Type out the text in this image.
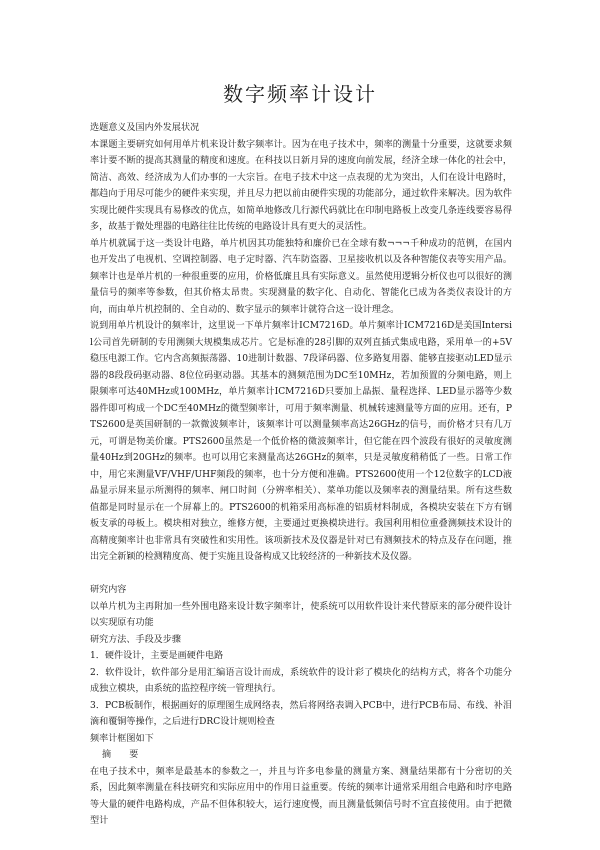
数字频率计设计

选题意义及国内外发展状况

本课题主要研究如何用单片机来设计数字频率计。因为在电子技术中，频率的测量十分重要，这就要求频率计要不断的提高其测量的精度和速度。在科技以日新月异的速度向前发展，经济全球一体化的社会中，简洁、高效、经济成为人们办事的一大宗旨。在电子技术中这一点表现的尤为突出，人们在设计电路时，都趋向于用尽可能少的硬件来实现，并且尽力把以前由硬件实现的功能部分，通过软件来解决。因为软件实现比硬件实现具有易修改的优点，如简单地修改几行源代码就比在印制电路板上改变几条连线要容易得多，故基于微处理器的电路往往比传统的电路设计具有更大的灵活性。

单片机就属于这一类设计电路，单片机因其功能独特和廉价已在全球有数¬¬¬千种成功的范例，在国内也开发出了电视机、空调控制器、电子定时器、汽车防盗器、卫星接收机以及各种智能仪表等实用产品。频率计也是单片机的一种很重要的应用，价格低廉且具有实际意义。虽然使用逻辑分析仪也可以很好的测量信号的频率等参数，但其价格太昂贵。实现测量的数字化、自动化、智能化已成为各类仪表设计的方向，而由单片机控制的、全自动的、数字显示的频率计就符合这一设计理念。

说到用单片机设计的频率计，这里说一下单片频率计ICM7216D。单片频率计ICM7216D是美国Intersil公司首先研制的专用测频大规模集成芯片。它是标准的28引脚的双列直插式集成电路，采用单一的+5V稳压电源工作。它内含高频振荡器、10进制计数器、7段译码器、位多路复用器、能够直接驱动LED显示器的8段段码驱动器、8位位码驱动器。其基本的测频范围为DC至10MHz，若加预置的分频电路，则上限频率可达40MHz或100MHz，单片频率计ICM7216D只要加上晶振、量程选择、LED显示器等少数器件即可构成一个DC至40MHz的微型频率计，可用于频率测量、机械转速测量等方面的应用。还有，PTS2600是英国研制的一款微波频率计，该频率计可以测量频率高达26GHz的信号，而价格才只有几万元，可谓是物美价廉。PTS2600虽然是一个低价格的微波频率计，但它能在四个波段有很好的灵敏度测量40Hz到20GHz的频率。也可以用它来测量高达26GHz的频率，只是灵敏度稍稍低了一些。日常工作中，用它来测量VF/VHF/UHF频段的频率，也十分方便和准确。PTS2600使用一个12位数字的LCD液晶显示屏来显示所测得的频率、闸口时间（分辨率相关）、菜单功能以及频率表的测量结果。所有这些数值都是同时显示在一个屏幕上的。PTS2600的机箱采用高标准的铝质材料制成，各模块安装在下方有钢板支承的母板上。模块相对独立，维修方便，主要通过更换模块进行。我国利用相位重叠测频技术设计的高精度频率计也非常具有突破性和实用性。该项新技术及仪器是针对已有测频技术的特点及存在问题，推出完全新颖的检测精度高、便于实施且设备构成又比较经济的一种新技术及仪器。

研究内容

以单片机为主再附加一些外围电路来设计数字频率计，使系统可以用软件设计来代替原来的部分硬件设计以实现原有功能

研究方法、手段及步骤

1．硬件设计，主要是画硬件电路

2．软件设计，软件部分是用汇编语言设计而成，系统软件的设计彩了模块化的结构方式，将各个功能分成独立模块，由系统的监控程序统一管理执行。

3．PCB板制作，根据画好的原理图生成网络表，然后将网络表调入PCB中，进行PCB布局、布线、补泪滴和覆铜等操作，之后进行DRC设计规则检查

频率计框图如下

摘　　要

在电子技术中，频率是最基本的参数之一，并且与许多电参量的测量方案、测量结果都有十分密切的关系，因此频率测量在科技研究和实际应用中的作用日益重要。传统的频率计通常采用组合电路和时序电路等大量的硬件电路构成，产品不但体积较大，运行速度慢，而且测量低频信号时不宜直接使用。由于把微型计
